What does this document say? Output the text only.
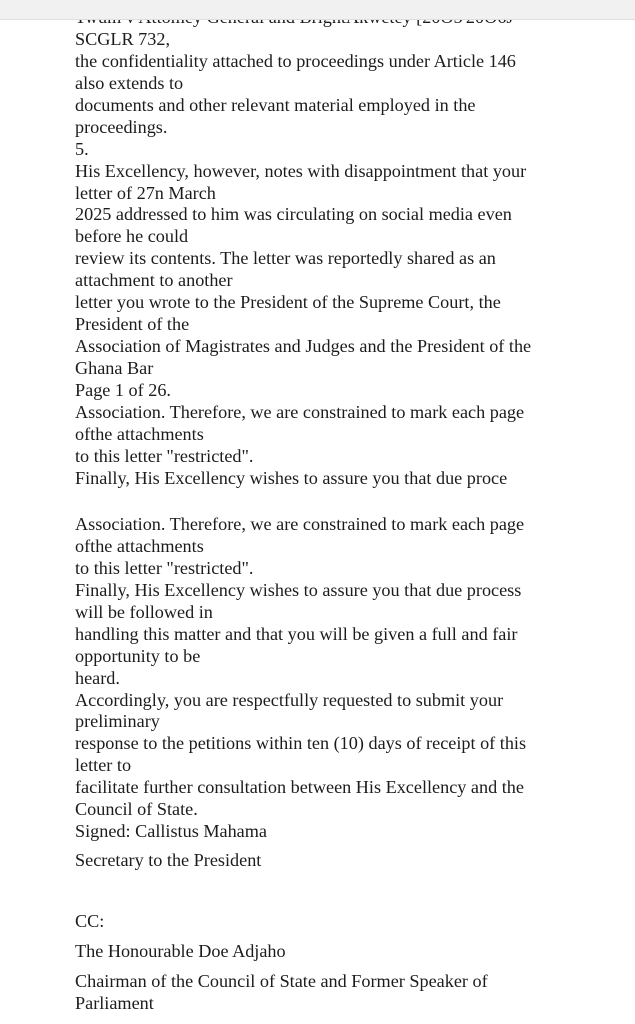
SCGLR 732,
the confidentiality attached to proceedings under Article 146
also extends to
documents and other relevant material employed in the
proceedings.
5.
His Excellency, however, notes with disappointment that your
letter of 27n March
2025 addressed to him was circulating on social media even
before he could
review its contents. The letter was reportedly shared as an
attachment to another
letter you wrote to the President of the Supreme Court, the
President of the
Association of Magistrates and Judges and the President of the
Ghana Bar
Page 1 of 26.
Association. Therefore, we are constrained to mark each page
ofthe attachments
to this letter "restricted".
Finally, His Excellency wishes to assure you that due proce
Association. Therefore, we are constrained to mark each page
ofthe attachments
to this letter "restricted".
Finally, His Excellency wishes to assure you that due process
will be followed in
handling this matter and that you will be given a full and fair
opportunity to be
heard.
Accordingly, you are respectfully requested to submit your
preliminary
response to the petitions within ten (10) days of receipt of this
letter to
facilitate further consultation between His Excellency and the
Council of State.
Signed: Callistus Mahama
Secretary to the President
CC:
The Honourable Doe Adjaho
Chairman of the Council of State and Former Speaker of
Parliament
